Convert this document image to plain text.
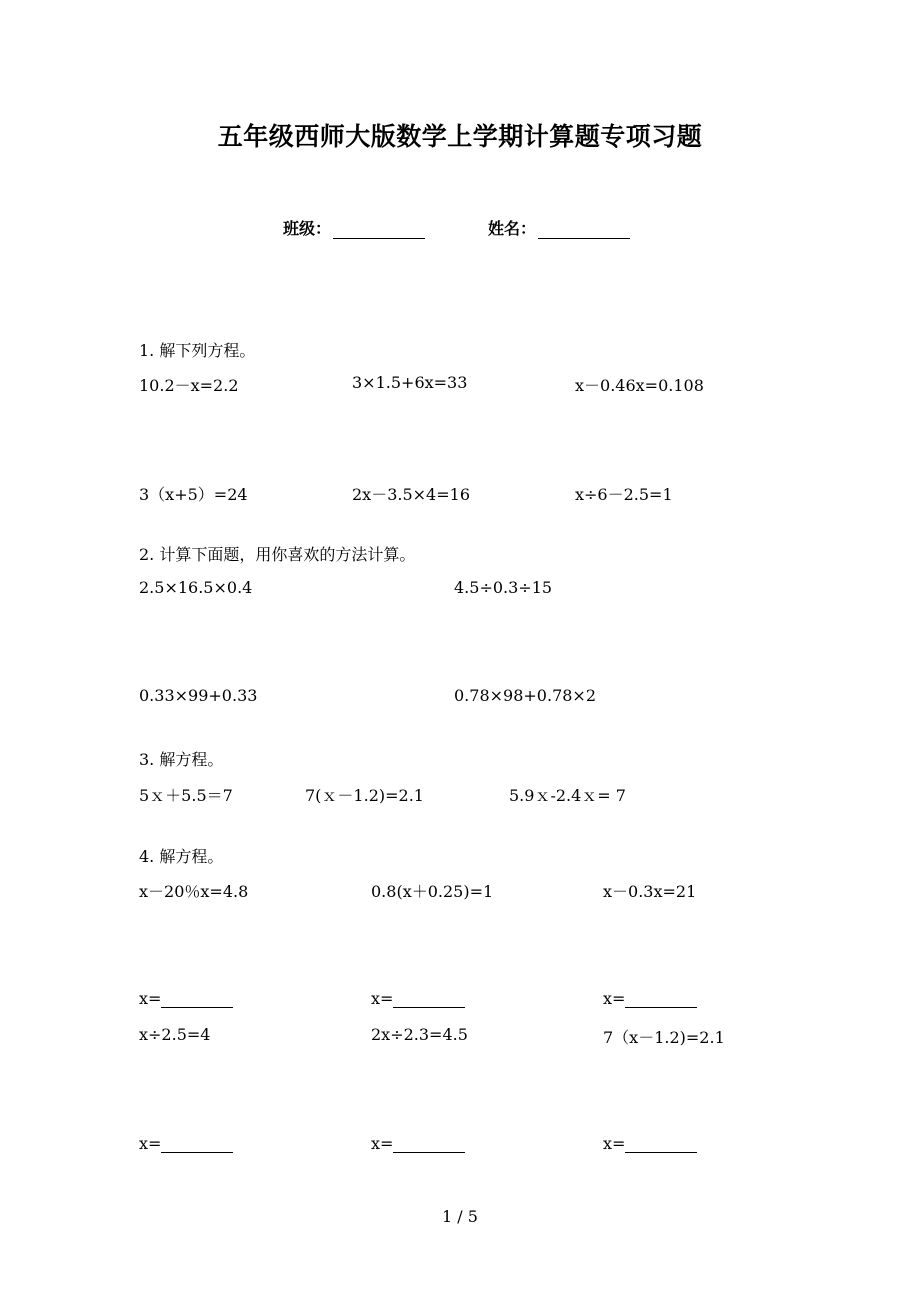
五年级西师大版数学上学期计算题专项习题
班级：	姓名：
1. 解下列方程。
10.2－x=2.2	3×1.5+6x=33	x－0.46x=0.108
3（x+5）=24	2x－3.5×4=16	x÷6－2.5=1
2. 计算下面题，用你喜欢的方法计算。
2.5×16.5×0.4	4.5÷0.3÷15
0.33×99+0.33	0.78×98+0.78×2
3. 解方程。
5ｘ＋5.5＝7	7(ｘ－1.2)=2.1	5.9ｘ-2.4ｘ= 7
4. 解方程。
x－20％x=4.8	0.8(x＋0.25)=1	x－0.3x=21
x=	x=	x=
x÷2.5=4	2x÷2.3=4.5	7（x－1.2)=2.1
x=	x=	x=
1 / 5
